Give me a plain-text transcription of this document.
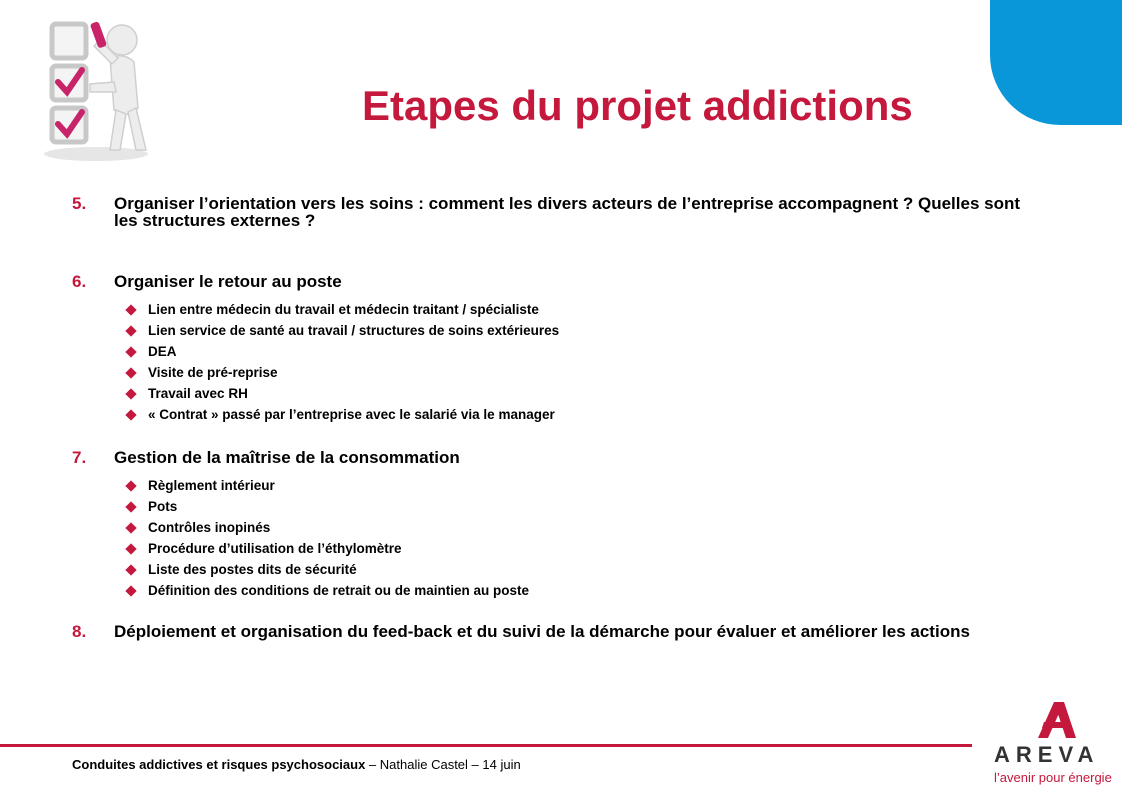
Etapes du projet addictions
5.	Organiser l’orientation vers les soins : comment les divers acteurs de l’entreprise accompagnent ? Quelles sont les structures externes ?
6.	Organiser le retour au poste
Lien entre médecin du travail et médecin traitant / spécialiste
Lien service de santé au travail / structures de soins extérieures
DEA
Visite de pré-reprise
Travail avec RH
« Contrat » passé par l’entreprise avec le salarié via le manager
7.	Gestion de la maîtrise de la consommation
Règlement intérieur
Pots
Contrôles inopinés
Procédure d’utilisation de l’éthylomètre
Liste des postes dits de sécurité
Définition des conditions de retrait ou de maintien au poste
8.	Déploiement et organisation du feed-back et du suivi de la démarche pour évaluer et améliorer les actions
Conduites addictives et risques psychosociaux – Nathalie Castel – 14 juin	AREVA
l’avenir pour énergie
